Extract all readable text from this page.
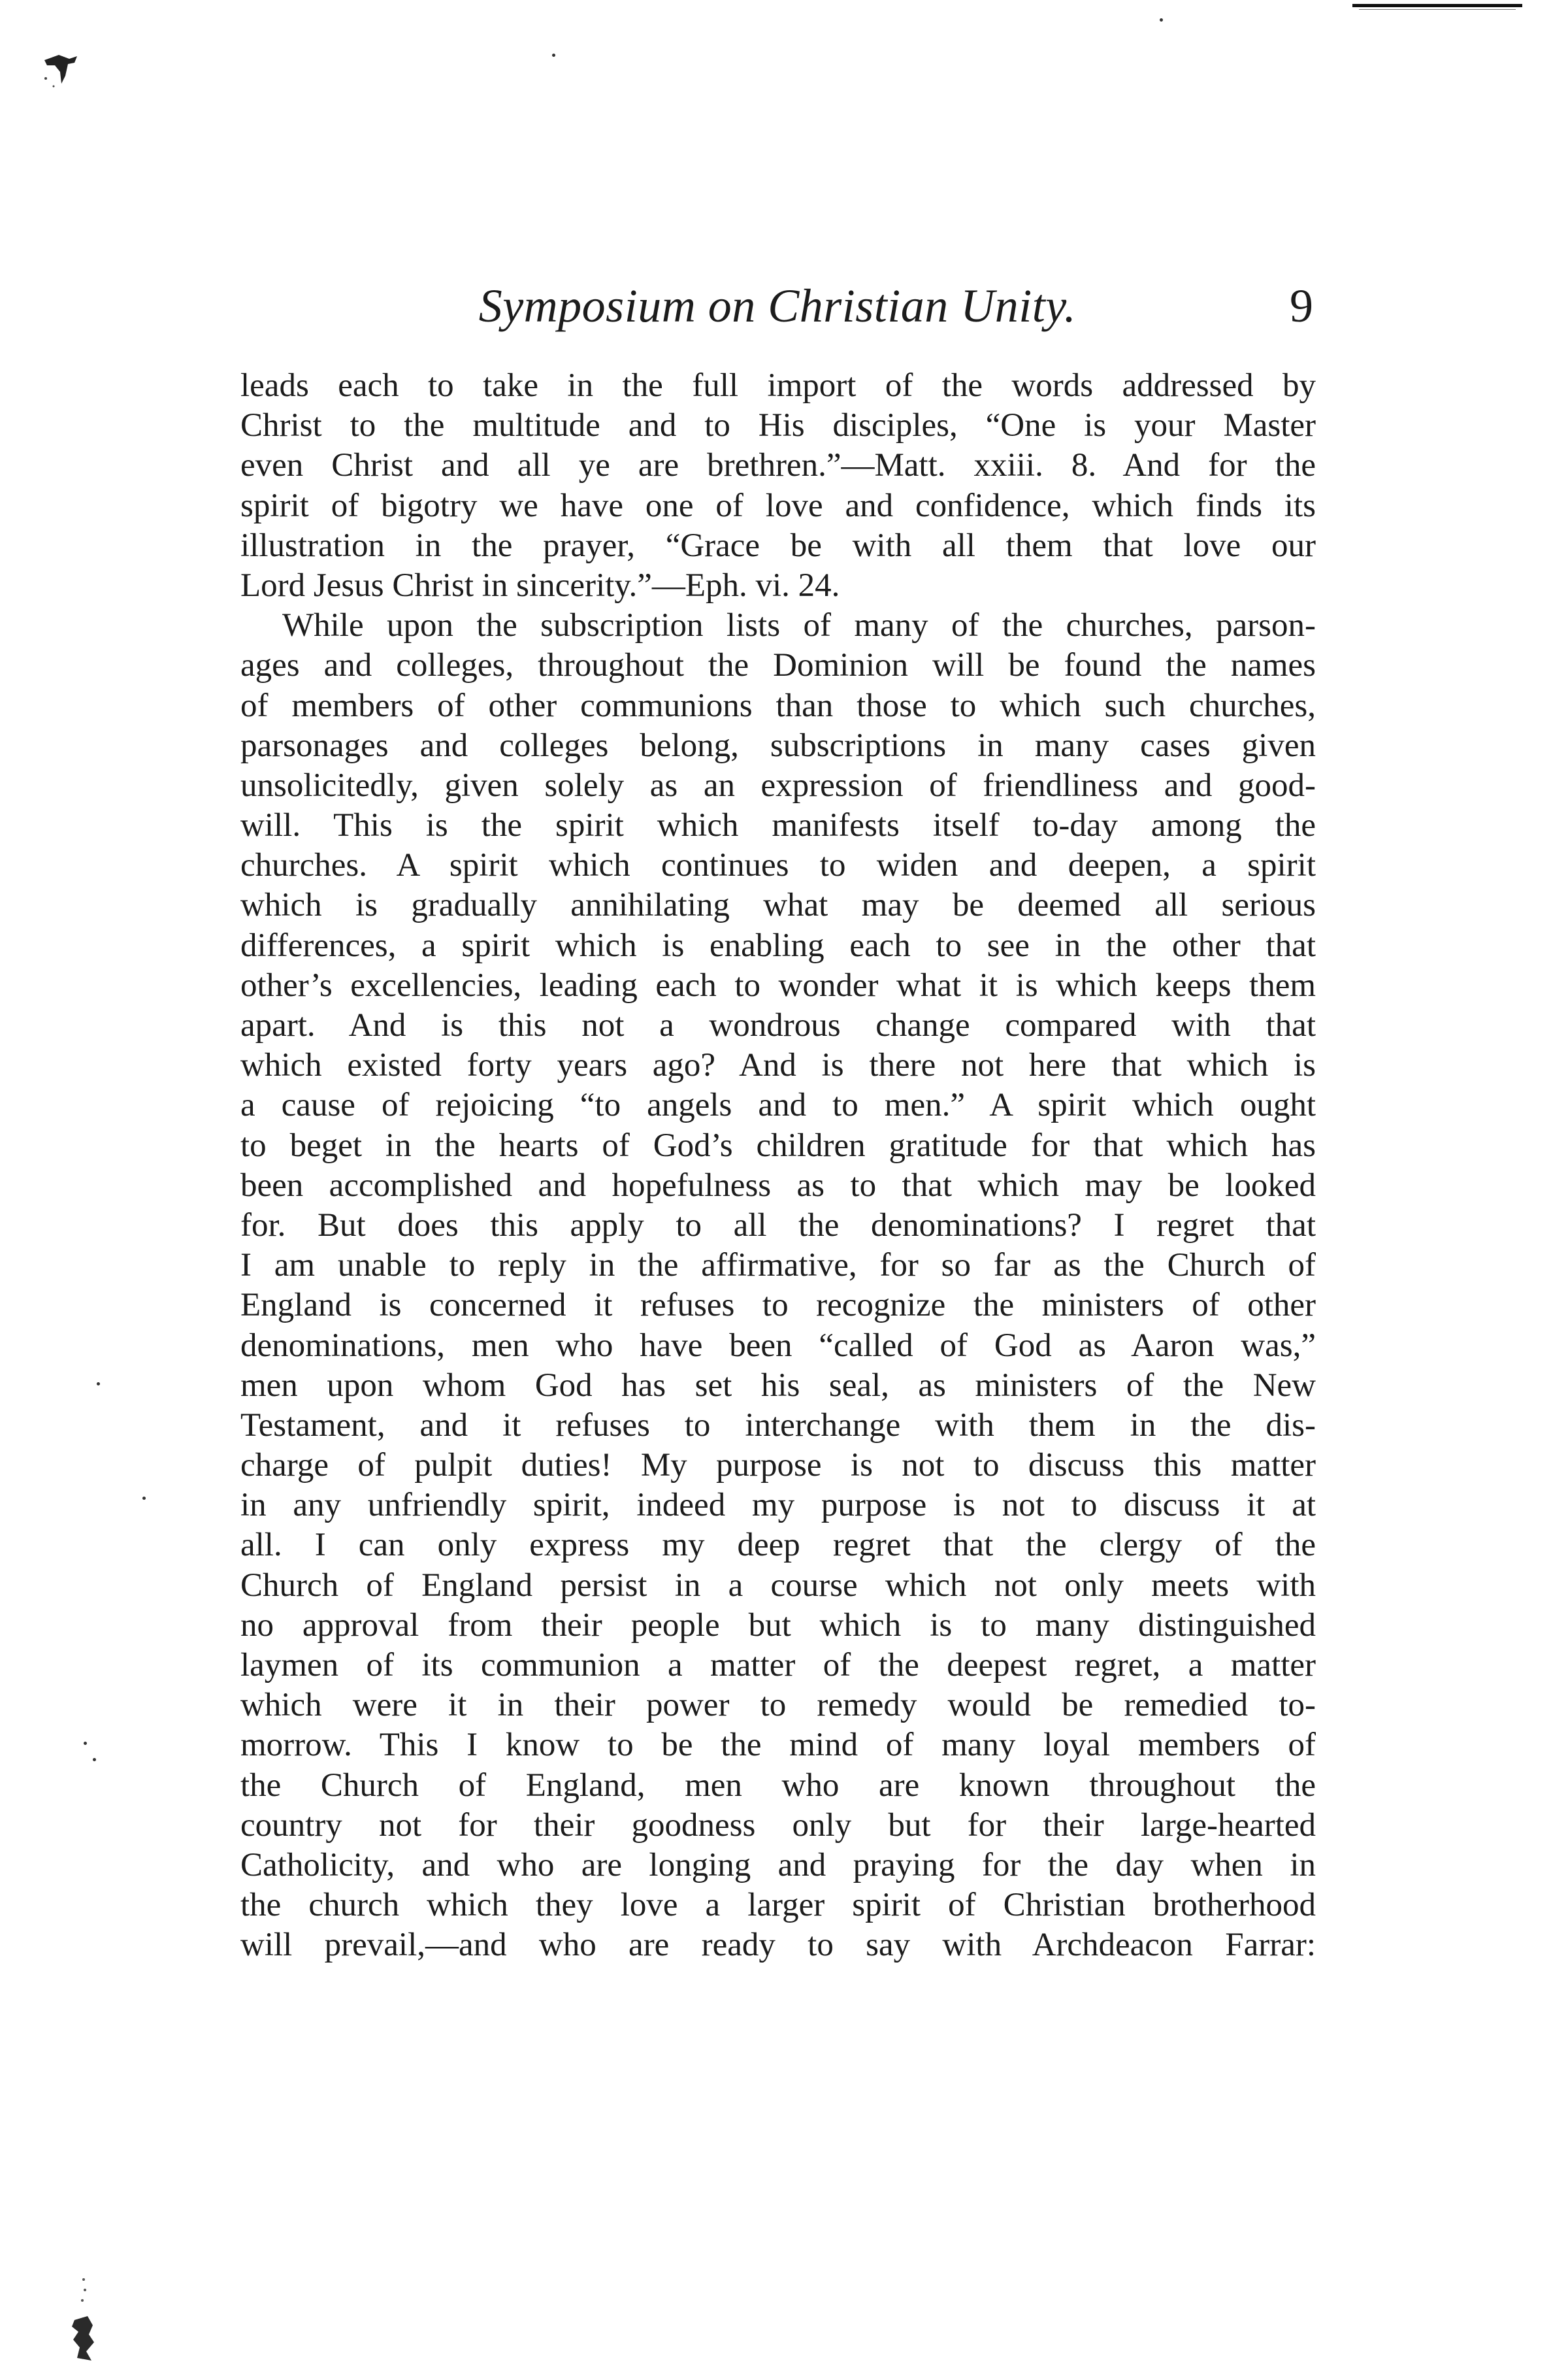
Symposium on Christian Unity.	9
leads each to take in the full import of the words addressed by
Christ to the multitude and to His disciples, “One is your Master
even Christ and all ye are brethren.”—Matt. xxiii. 8. And for the
spirit of bigotry we have one of love and confidence, which finds its
illustration in the prayer, “Grace be with all them that love our
Lord Jesus Christ in sincerity.”—Eph. vi. 24.
While upon the subscription lists of many of the churches, parson-
ages and colleges, throughout the Dominion will be found the names
of members of other communions than those to which such churches,
parsonages and colleges belong, subscriptions in many cases given
unsolicitedly, given solely as an expression of friendliness and good-
will. This is the spirit which manifests itself to-day among the
churches. A spirit which continues to widen and deepen, a spirit
which is gradually annihilating what may be deemed all serious
differences, a spirit which is enabling each to see in the other that
other’s excellencies, leading each to wonder what it is which keeps them
apart. And is this not a wondrous change compared with that
which existed forty years ago? And is there not here that which is
a cause of rejoicing “to angels and to men.” A spirit which ought
to beget in the hearts of God’s children gratitude for that which has
been accomplished and hopefulness as to that which may be looked
for. But does this apply to all the denominations? I regret that
I am unable to reply in the affirmative, for so far as the Church of
England is concerned it refuses to recognize the ministers of other
denominations, men who have been “called of God as Aaron was,”
men upon whom God has set his seal, as ministers of the New
Testament, and it refuses to interchange with them in the dis-
charge of pulpit duties! My purpose is not to discuss this matter
in any unfriendly spirit, indeed my purpose is not to discuss it at
all. I can only express my deep regret that the clergy of the
Church of England persist in a course which not only meets with
no approval from their people but which is to many distinguished
laymen of its communion a matter of the deepest regret, a matter
which were it in their power to remedy would be remedied to-
morrow. This I know to be the mind of many loyal members of
the Church of England, men who are known throughout the
country not for their goodness only but for their large-hearted
Catholicity, and who are longing and praying for the day when in
the church which they love a larger spirit of Christian brotherhood
will prevail,—and who are ready to say with Archdeacon Farrar:
